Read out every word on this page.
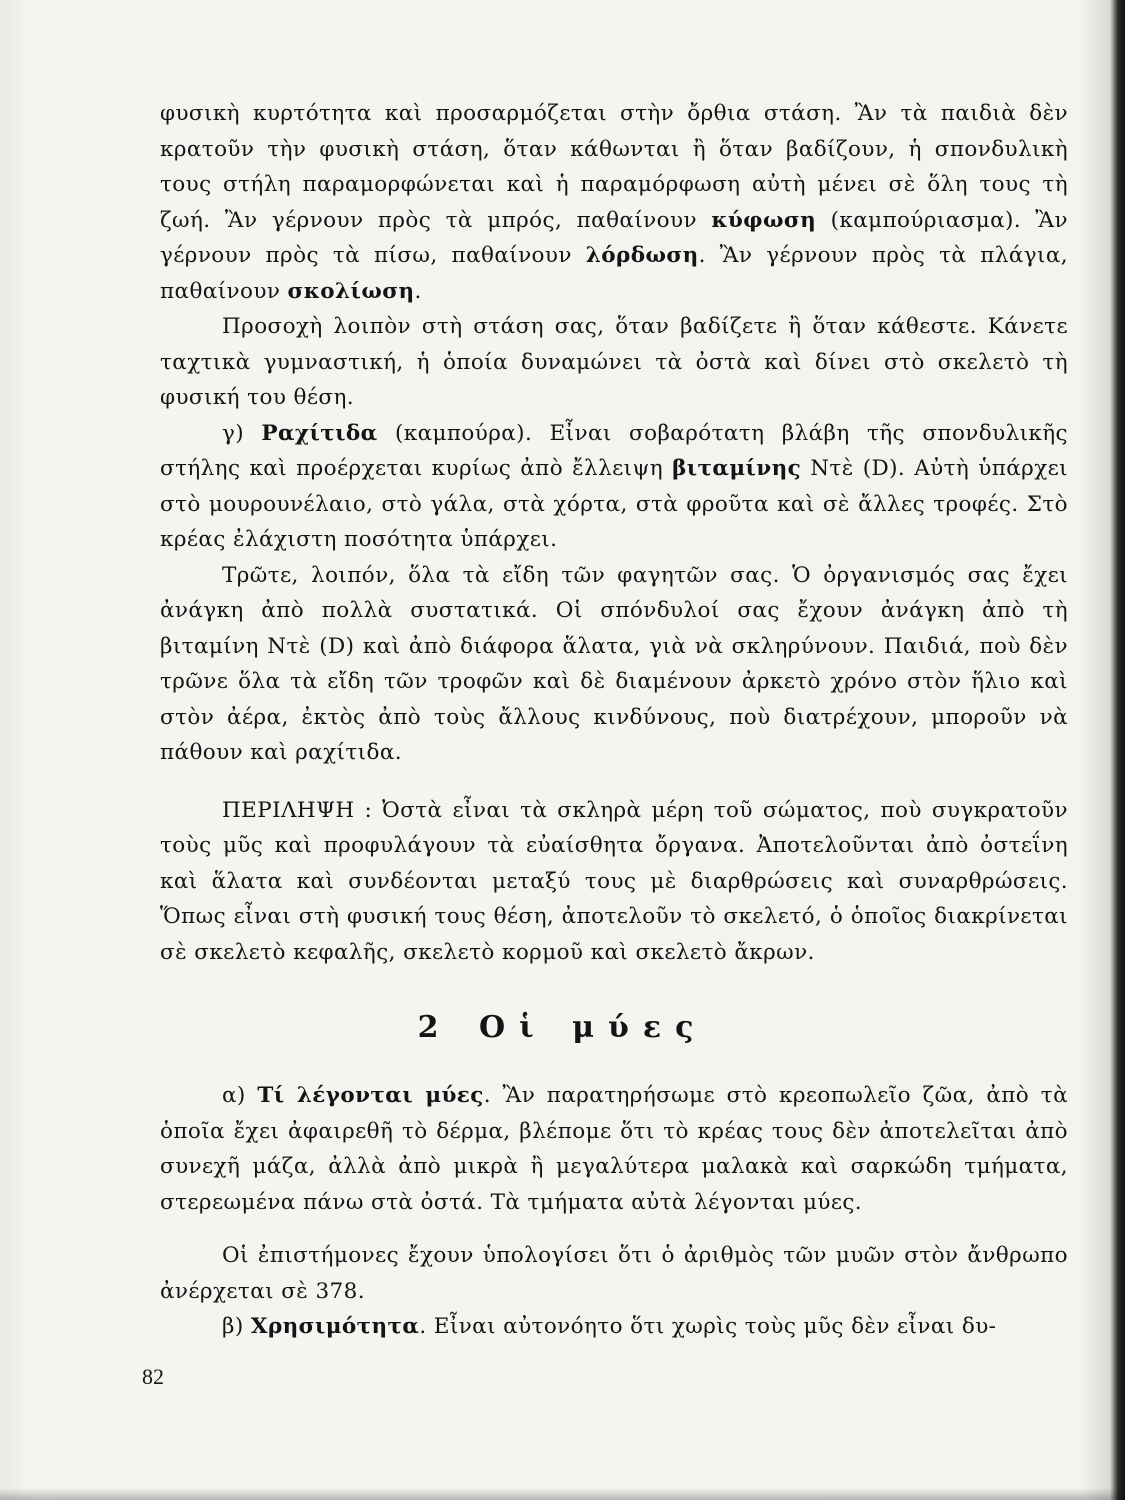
φυσικὴ κυρτότητα καὶ προσαρμόζεται στὴν ὄρθια στάση. Ἂν τὰ παιδιὰ δὲν κρατοῦν τὴν φυσικὴ στάση, ὅταν κάθωνται ἢ ὅταν βαδίζουν, ἡ σπονδυλικὴ τους στήλη παραμορφώνεται καὶ ἡ παραμόρφωση αὐτὴ μένει σὲ ὅλη τους τὴ ζωή. Ἂν γέρνουν πρὸς τὰ μπρός, παθαίνουν κύφωση (καμπούριασμα). Ἂν γέρνουν πρὸς τὰ πίσω, παθαίνουν λόρδωση. Ἂν γέρνουν πρὸς τὰ πλάγια, παθαίνουν σκολίωση.

Προσοχὴ λοιπὸν στὴ στάση σας, ὅταν βαδίζετε ἢ ὅταν κάθεστε. Κάνετε ταχτικὰ γυμναστική, ἡ ὁποία δυναμώνει τὰ ὀστὰ καὶ δίνει στὸ σκελετὸ τὴ φυσική του θέση.

γ) Ραχίτιδα (καμπούρα). Εἶναι σοβαρότατη βλάβη τῆς σπονδυλικῆς στήλης καὶ προέρχεται κυρίως ἀπὸ ἔλλειψη βιταμίνης Ντὲ (D). Αὐτὴ ὑπάρχει στὸ μουρουνέλαιο, στὸ γάλα, στὰ χόρτα, στὰ φροῦτα καὶ σὲ ἄλλες τροφές. Στὸ κρέας ἐλάχιστη ποσότητα ὑπάρχει.

Τρῶτε, λοιπόν, ὅλα τὰ εἴδη τῶν φαγητῶν σας. Ὁ ὀργανισμός σας ἔχει ἀνάγκη ἀπὸ πολλὰ συστατικά. Οἱ σπόνδυλοί σας ἔχουν ἀνάγκη ἀπὸ τὴ βιταμίνη Ντὲ (D) καὶ ἀπὸ διάφορα ἅλατα, γιὰ νὰ σκληρύνουν. Παιδιά, ποὺ δὲν τρῶνε ὅλα τὰ εἴδη τῶν τροφῶν καὶ δὲ διαμένουν ἀρκετὸ χρόνο στὸν ἥλιο καὶ στὸν ἀέρα, ἐκτὸς ἀπὸ τοὺς ἄλλους κινδύνους, ποὺ διατρέχουν, μποροῦν νὰ πάθουν καὶ ραχίτιδα.

ΠΕΡΙΛΗΨΗ : Ὀστὰ εἶναι τὰ σκληρὰ μέρη τοῦ σώματος, ποὺ συγκρατοῦν τοὺς μῦς καὶ προφυλάγουν τὰ εὐαίσθητα ὄργανα. Ἀποτελοῦνται ἀπὸ ὀστεΐνη καὶ ἅλατα καὶ συνδέονται μεταξύ τους μὲ διαρθρώσεις καὶ συναρθρώσεις. Ὅπως εἶναι στὴ φυσική τους θέση, ἀποτελοῦν τὸ σκελετό, ὁ ὁποῖος διακρίνεται σὲ σκελετὸ κεφαλῆς, σκελετὸ κορμοῦ καὶ σκελετὸ ἄκρων.

2 Οἱ μύες

α) Τί λέγονται μύες. Ἂν παρατηρήσωμε στὸ κρεοπωλεῖο ζῶα, ἀπὸ τὰ ὁποῖα ἔχει ἀφαιρεθῆ τὸ δέρμα, βλέπομε ὅτι τὸ κρέας τους δὲν ἀποτελεῖται ἀπὸ συνεχῆ μάζα, ἀλλὰ ἀπὸ μικρὰ ἢ μεγαλύτερα μαλακὰ καὶ σαρκώδη τμήματα, στερεωμένα πάνω στὰ ὀστά. Τὰ τμήματα αὐτὰ λέγονται μύες.

Οἱ ἐπιστήμονες ἔχουν ὑπολογίσει ὅτι ὁ ἀριθμὸς τῶν μυῶν στὸν ἄνθρωπο ἀνέρχεται σὲ 378.

β) Χρησιμότητα. Εἶναι αὐτονόητο ὅτι χωρὶς τοὺς μῦς δὲν εἶναι δυ-

82
